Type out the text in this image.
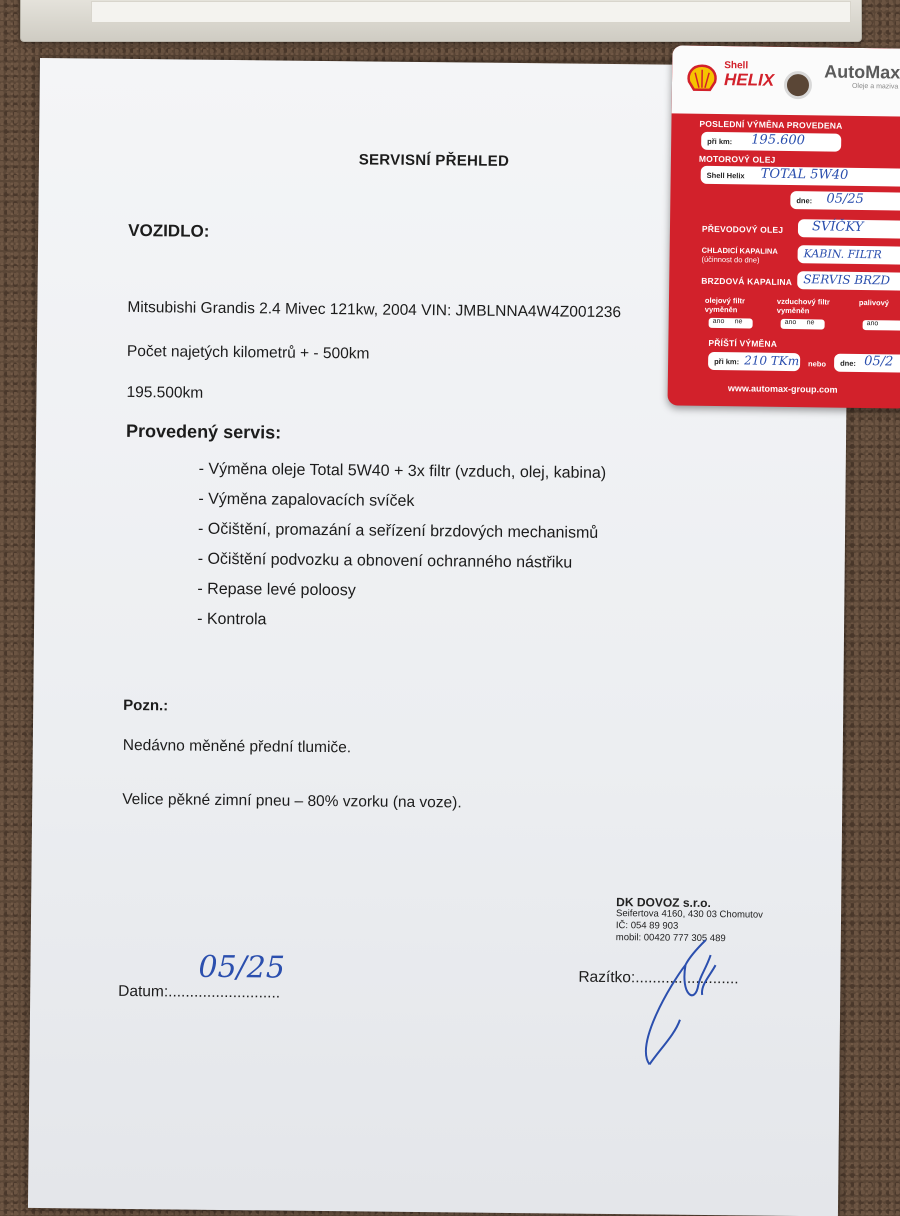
SERVISNÍ PŘEHLED
VOZIDLO:
Mitsubishi Grandis 2.4 Mivec 121kw, 2004 VIN: JMBLNNA4W4Z001236
Počet najetých kilometrů + - 500km
195.500km
Provedený servis:
- Výměna oleje Total 5W40 + 3x filtr (vzduch, olej, kabina)
- Výměna zapalovacích svíček
- Očištění, promazání a seřízení brzdových mechanismů
- Očištění podvozku a obnovení ochranného nástřiku
- Repase levé poloosy
- Kontrola
Pozn.:
Nedávno měněné přední tlumiče.
Velice pěkné zimní pneu – 80% vzorku (na voze).
DK DOVOZ s.r.o.
Seifertova 4160, 430 03 Chomutov
IČ: 054 89 903
mobil: 00420 777 305 489
05/25
Datum:..........................
Razítko:........................
Shell
HELIX	AutoMax
Oleje a maziva
POSLEDNÍ VÝMĚNA PROVEDENA
při km: 195.600
MOTOROVÝ OLEJ
Shell Helix TOTAL 5W40
dne: 05/25
PŘEVODOVÝ OLEJ SVÍČKY
CHLADICÍ KAPALINA
(účinnost do dne)	KABIN. FILTR
BRZDOVÁ KAPALINA SERVIS BRZD
olejový filtr vyměněn
vzduchový filtr vyměněn
palivový
ano ne	ano ne	ano
PŘÍŠTÍ VÝMĚNA
při km: 210 TKm nebo dne: 05/2
www.automax-group.com
